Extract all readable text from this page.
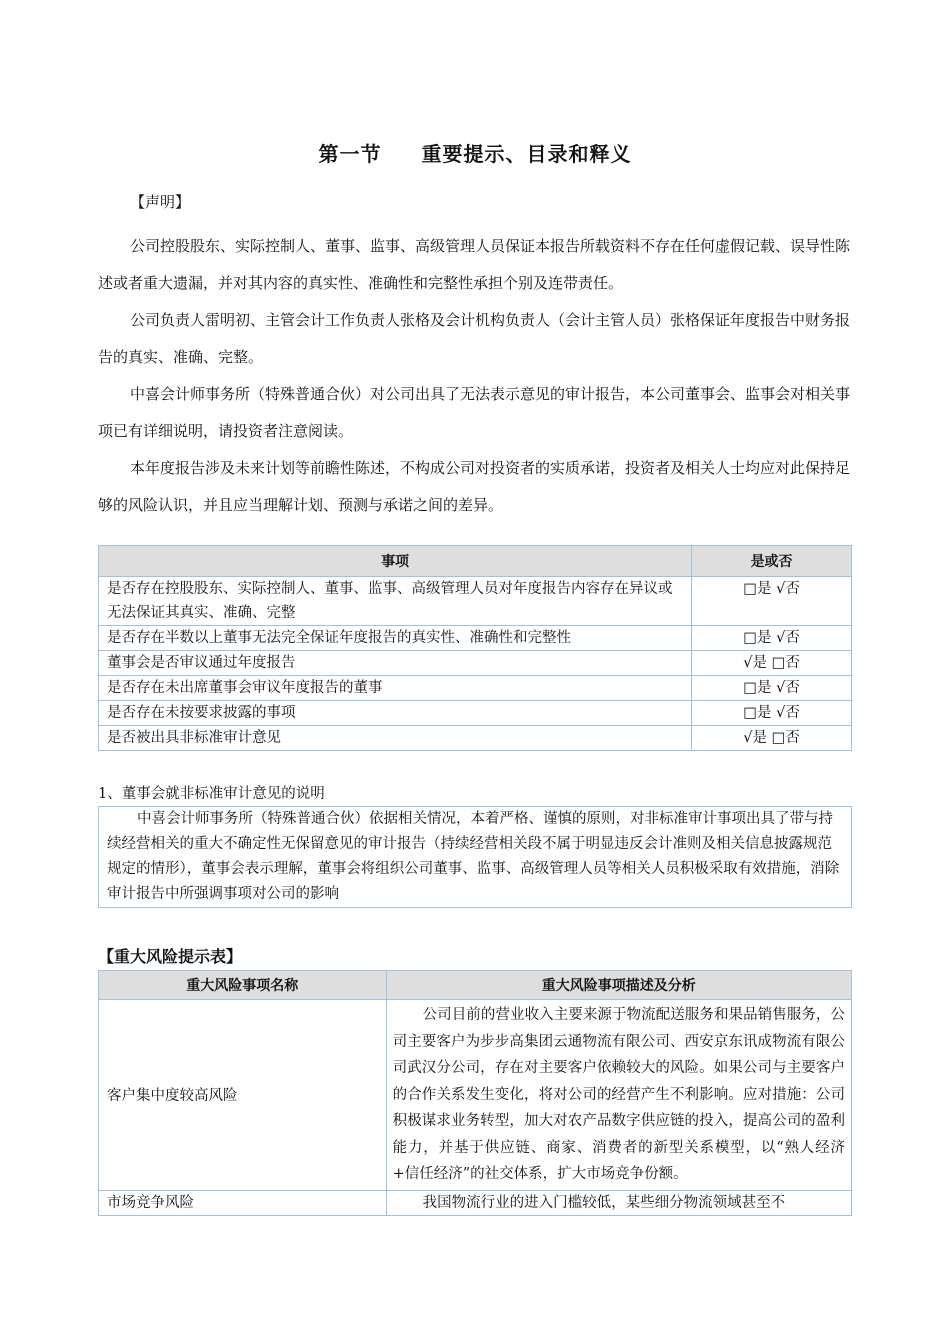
第一节 重要提示、目录和释义
【声明】

公司控股股东、实际控制人、董事、监事、高级管理人员保证本报告所载资料不存在任何虚假记载、误导性陈述或者重大遗漏，并对其内容的真实性、准确性和完整性承担个别及连带责任。

公司负责人雷明初、主管会计工作负责人张格及会计机构负责人（会计主管人员）张格保证年度报告中财务报告的真实、准确、完整。

中喜会计师事务所（特殊普通合伙）对公司出具了无法表示意见的审计报告，本公司董事会、监事会对相关事项已有详细说明，请投资者注意阅读。

本年度报告涉及未来计划等前瞻性陈述，不构成公司对投资者的实质承诺，投资者及相关人士均应对此保持足够的风险认识，并且应当理解计划、预测与承诺之间的差异。

事项	是或否
是否存在控股股东、实际控制人、董事、监事、高级管理人员对年度报告内容存在异议或无法保证其真实、准确、完整	□是 √否
是否存在半数以上董事无法完全保证年度报告的真实性、准确性和完整性	□是 √否
董事会是否审议通过年度报告	√是 □否
是否存在未出席董事会审议年度报告的董事	□是 √否
是否存在未按要求披露的事项	□是 √否
是否被出具非标准审计意见	√是 □否
1、董事会就非标准审计意见的说明
中喜会计师事务所（特殊普通合伙）依据相关情况，本着严格、谨慎的原则，对非标准审计事项出具了带与持续经营相关的重大不确定性无保留意见的审计报告（持续经营相关段不属于明显违反会计准则及相关信息披露规范规定的情形），董事会表示理解，董事会将组织公司董事、监事、高级管理人员等相关人员积极采取有效措施，消除审计报告中所强调事项对公司的影响
【重大风险提示表】
重大风险事项名称	重大风险事项描述及分析
客户集中度较高风险	公司目前的营业收入主要来源于物流配送服务和果品销售服务，公司主要客户为步步高集团云通物流有限公司、西安京东讯成物流有限公司武汉分公司，存在对主要客户依赖较大的风险。如果公司与主要客户的合作关系发生变化，将对公司的经营产生不利影响。应对措施：公司积极谋求业务转型，加大对农产品数字供应链的投入，提高公司的盈利能力，并基于供应链、商家、消费者的新型关系模型，以“熟人经济+信任经济”的社交体系，扩大市场竞争份额。
市场竞争风险	我国物流行业的进入门槛较低，某些细分物流领域甚至不
